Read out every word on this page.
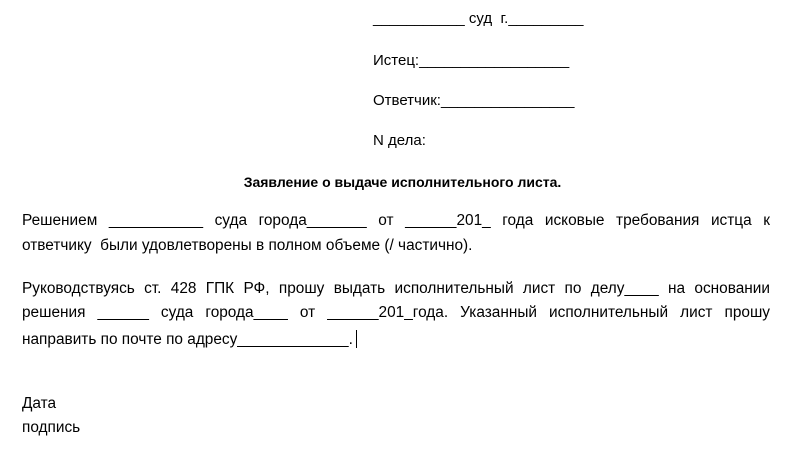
___________ суд  г._________
Истец:__________________
Ответчик:________________
N дела:
Заявление о выдаче исполнительного листа.
Решением ___________ суда города_______ от ______201_ года исковые требования истца к
ответчику  были удовлетворены в полном объеме (/ частично).
Руководствуясь ст. 428 ГПК РФ, прошу выдать исполнительный лист по делу____ на основании
решения ______ суда города____ от ______201_года. Указанный исполнительный лист прошу
направить по почте по адресу_____________.
Дата
подпись
